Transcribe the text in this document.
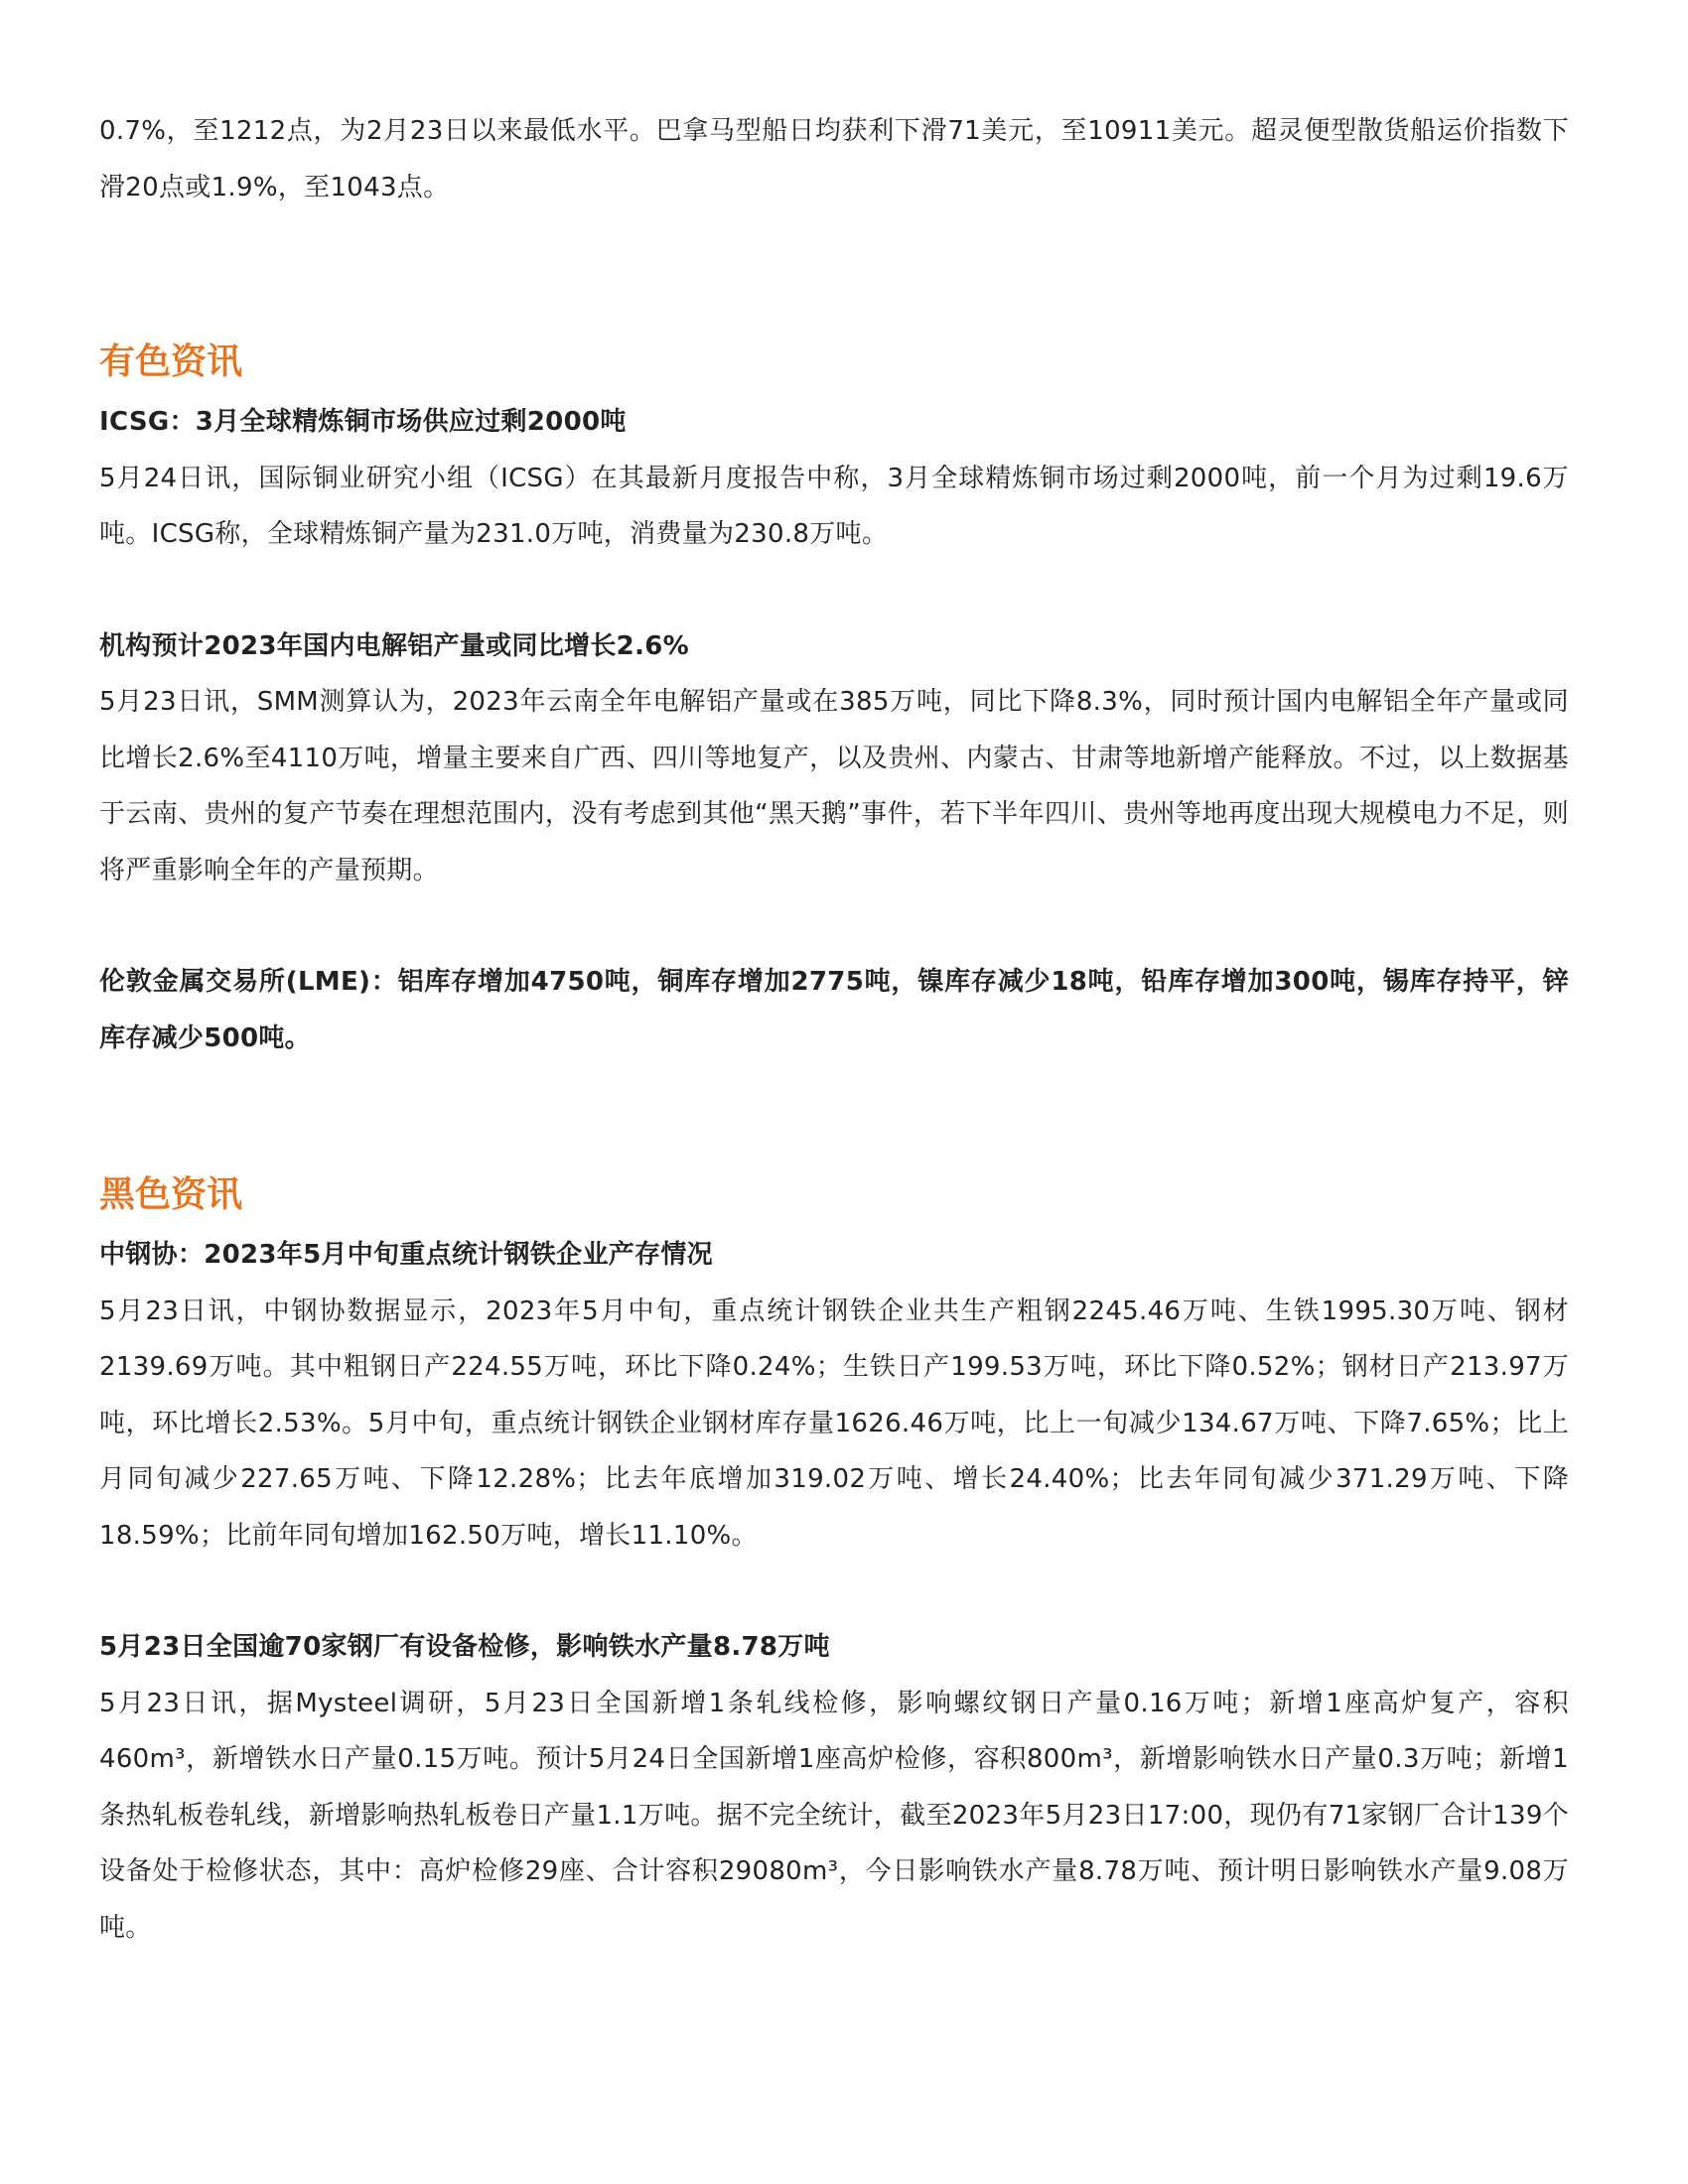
0.7%，至1212点，为2月23日以来最低水平。巴拿马型船日均获利下滑71美元，至10911美元。超灵便型散货船运价指数下滑20点或1.9%，至1043点。

有色资讯

ICSG：3月全球精炼铜市场供应过剩2000吨

5月24日讯，国际铜业研究小组（ICSG）在其最新月度报告中称，3月全球精炼铜市场过剩2000吨，前一个月为过剩19.6万吨。ICSG称，全球精炼铜产量为231.0万吨，消费量为230.8万吨。

机构预计2023年国内电解铝产量或同比增长2.6%

5月23日讯，SMM测算认为，2023年云南全年电解铝产量或在385万吨，同比下降8.3%，同时预计国内电解铝全年产量或同比增长2.6%至4110万吨，增量主要来自广西、四川等地复产，以及贵州、内蒙古、甘肃等地新增产能释放。不过，以上数据基于云南、贵州的复产节奏在理想范围内，没有考虑到其他“黑天鹅”事件，若下半年四川、贵州等地再度出现大规模电力不足，则将严重影响全年的产量预期。

伦敦金属交易所(LME)：铝库存增加4750吨，铜库存增加2775吨，镍库存减少18吨，铅库存增加300吨，锡库存持平，锌库存减少500吨。

黑色资讯

中钢协：2023年5月中旬重点统计钢铁企业产存情况

5月23日讯，中钢协数据显示，2023年5月中旬，重点统计钢铁企业共生产粗钢2245.46万吨、生铁1995.30万吨、钢材2139.69万吨。其中粗钢日产224.55万吨，环比下降0.24%；生铁日产199.53万吨，环比下降0.52%；钢材日产213.97万吨，环比增长2.53%。5月中旬，重点统计钢铁企业钢材库存量1626.46万吨，比上一旬减少134.67万吨、下降7.65%；比上月同旬减少227.65万吨、下降12.28%；比去年底增加319.02万吨、增长24.40%；比去年同旬减少371.29万吨、下降18.59%；比前年同旬增加162.50万吨，增长11.10%。

5月23日全国逾70家钢厂有设备检修，影响铁水产量8.78万吨

5月23日讯，据Mysteel调研，5月23日全国新增1条轧线检修，影响螺纹钢日产量0.16万吨；新增1座高炉复产，容积460m³，新增铁水日产量0.15万吨。预计5月24日全国新增1座高炉检修，容积800m³，新增影响铁水日产量0.3万吨；新增1条热轧板卷轧线，新增影响热轧板卷日产量1.1万吨。据不完全统计，截至2023年5月23日17:00，现仍有71家钢厂合计139个设备处于检修状态，其中：高炉检修29座、合计容积29080m³，今日影响铁水产量8.78万吨、预计明日影响铁水产量9.08万吨。
